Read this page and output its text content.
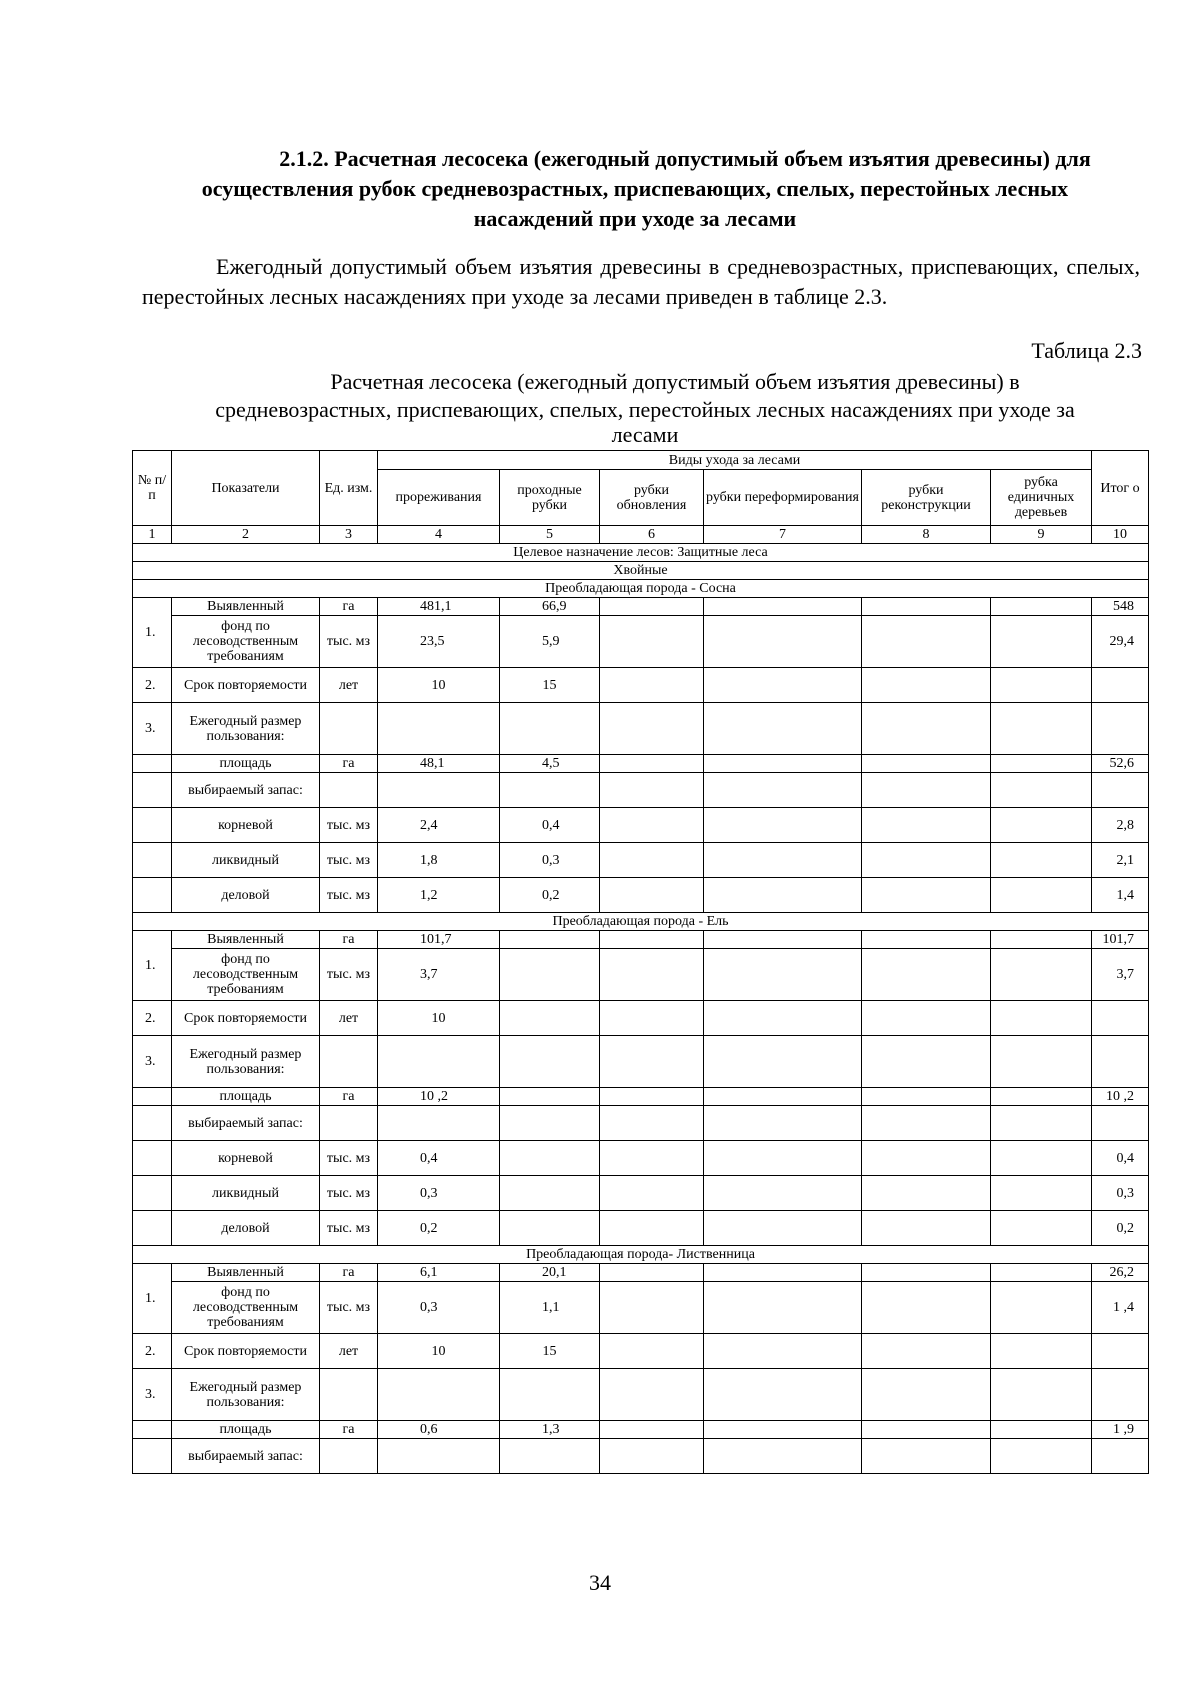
2.1.2. Расчетная лесосека (ежегодный допустимый объем изъятия древесины) для
осуществления рубок средневозрастных, приспевающих, спелых, перестойных лесных
насаждений при уходе за лесами
Ежегодный допустимый объем изъятия древесины в средневозрастных, приспевающих, спелых, перестойных лесных насаждениях при уходе за лесами приведен в таблице 2.3.
Таблица 2.3
Расчетная лесосека (ежегодный допустимый объем изъятия древесины) в
средневозрастных, приспевающих, спелых, перестойных лесных насаждениях при уходе за
лесами
№ п/ п	Показатели	Ед. изм.	Виды ухода за лесами						Итог о
			прореживания	проходные рубки	рубки обновления	рубки переформирования	рубки реконструкции	рубка единичных деревьев	
1	2	3	4	5	6	7	8	9	10
Целевое назначение лесов: Защитные леса									
Хвойные									
Преобладающая порода - Сосна									
1.	Выявленный	га	481,1	66,9					548
	фонд по лесоводственным требованиям	тыс. мз	23,5	5,9					29,4
2.	Срок повторяемости	лет	10	15					
3.	Ежегодный размер пользования:								
	площадь	га	48,1	4,5					52,6
	выбираемый запас:								
	корневой	тыс. мз	2,4	0,4					2,8
	ликвидный	тыс. мз	1,8	0,3					2,1
	деловой	тыс. мз	1,2	0,2					1,4
Преобладающая порода - Ель									
1.	Выявленный	га	101,7						101,7
	фонд по лесоводственным требованиям	тыс. мз	3,7						3,7
2.	Срок повторяемости	лет	10						
3.	Ежегодный размер пользования:								
	площадь	га	10 ,2						10 ,2
	выбираемый запас:								
	корневой	тыс. мз	0,4						0,4
	ликвидный	тыс. мз	0,3						0,3
	деловой	тыс. мз	0,2						0,2
Преобладающая порода- Лиственница									
1.	Выявленный	га	6,1	20,1					26,2
	фонд по лесоводственным требованиям	тыс. мз	0,3	1,1					1 ,4
2.	Срок повторяемости	лет	10	15					
3.	Ежегодный размер пользования:								
	площадь	га	0,6	1,3					1 ,9
	выбираемый запас:								
34
